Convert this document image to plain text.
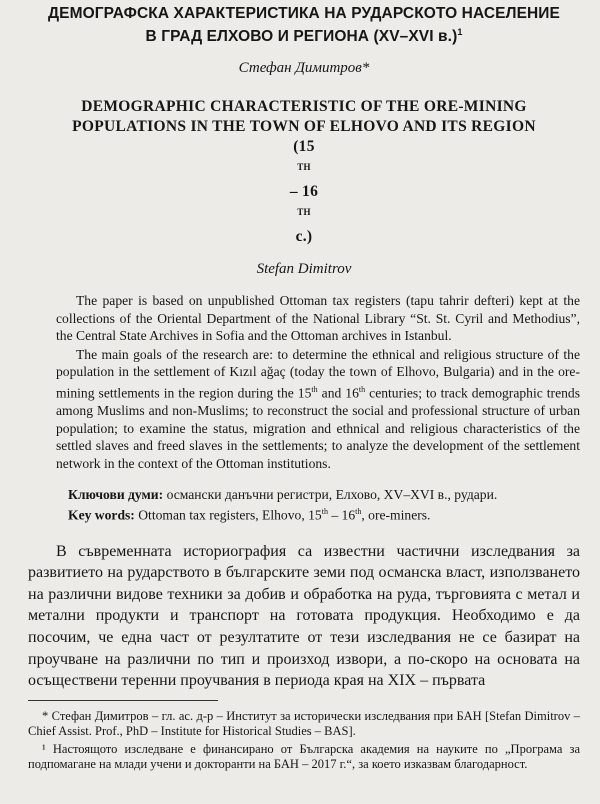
ДЕМОГРАФСКА ХАРАКТЕРИСТИКА НА РУДАРСКОТО НАСЕЛЕНИЕ
В ГРАД ЕЛХОВО И РЕГИОНА (XV–XVI в.)$^1$
Стефан Димитров*
DEMOGRAPHIC CHARACTERISTIC OF THE ORE-MINING
POPULATIONS IN THE TOWN OF ELHOVO AND ITS REGION
(15
$^{TH}$
– 16
$^{TH}$
c.)
Stefan Dimitrov

The paper is based on unpublished Ottoman tax registers (tapu tahrir defteri) kept at the collections of the Oriental Department of the National Library “St. St. Cyril and Methodius”, the Central State Archives in Sofia and the Ottoman archives in Istanbul.

The main goals of the research are: to determine the ethnical and religious structure of the population in the settlement of Kızıl ağaç (today the town of Elhovo, Bulgaria) and in the ore-mining settlements in the region during the 15th and 16th centuries; to track demographic trends among Muslims and non-Muslims; to reconstruct the social and professional structure of urban population; to examine the status, migration and ethnical and religious characteristics of the settled slaves and freed slaves in the settlements; to analyze the development of the settlement network in the context of the Ottoman institutions.

Ключови думи: османски данъчни регистри, Елхово, XV–XVI в., рудари.

Key words: Ottoman tax registers, Elhovo, 15th – 16th, ore-miners.

В съвременната историография са известни частични изследвания за развитието на рударството в българските земи под османска власт, използването на различни видове техники за добив и обработка на руда, търговията с метал и метални продукти и транспорт на готовата продукция. Необходимо е да посочим, че една част от резултатите от тези изследвания не се базират на проучване на различни по тип и произход извори, а по-скоро на основата на осъществени теренни проучвания в периода края на XIX – първата

* Стефан Димитров – гл. ас. д-р – Институт за исторически изследвания при БАН [Stefan Dimitrov – Chief Assist. Prof., PhD – Institute for Historical Studies – BAS].

¹ Настоящото изследване е финансирано от Българска академия на науките по „Програма за подпомагане на млади учени и докторанти на БАН – 2017 г.“, за което изказвам благодарност.
